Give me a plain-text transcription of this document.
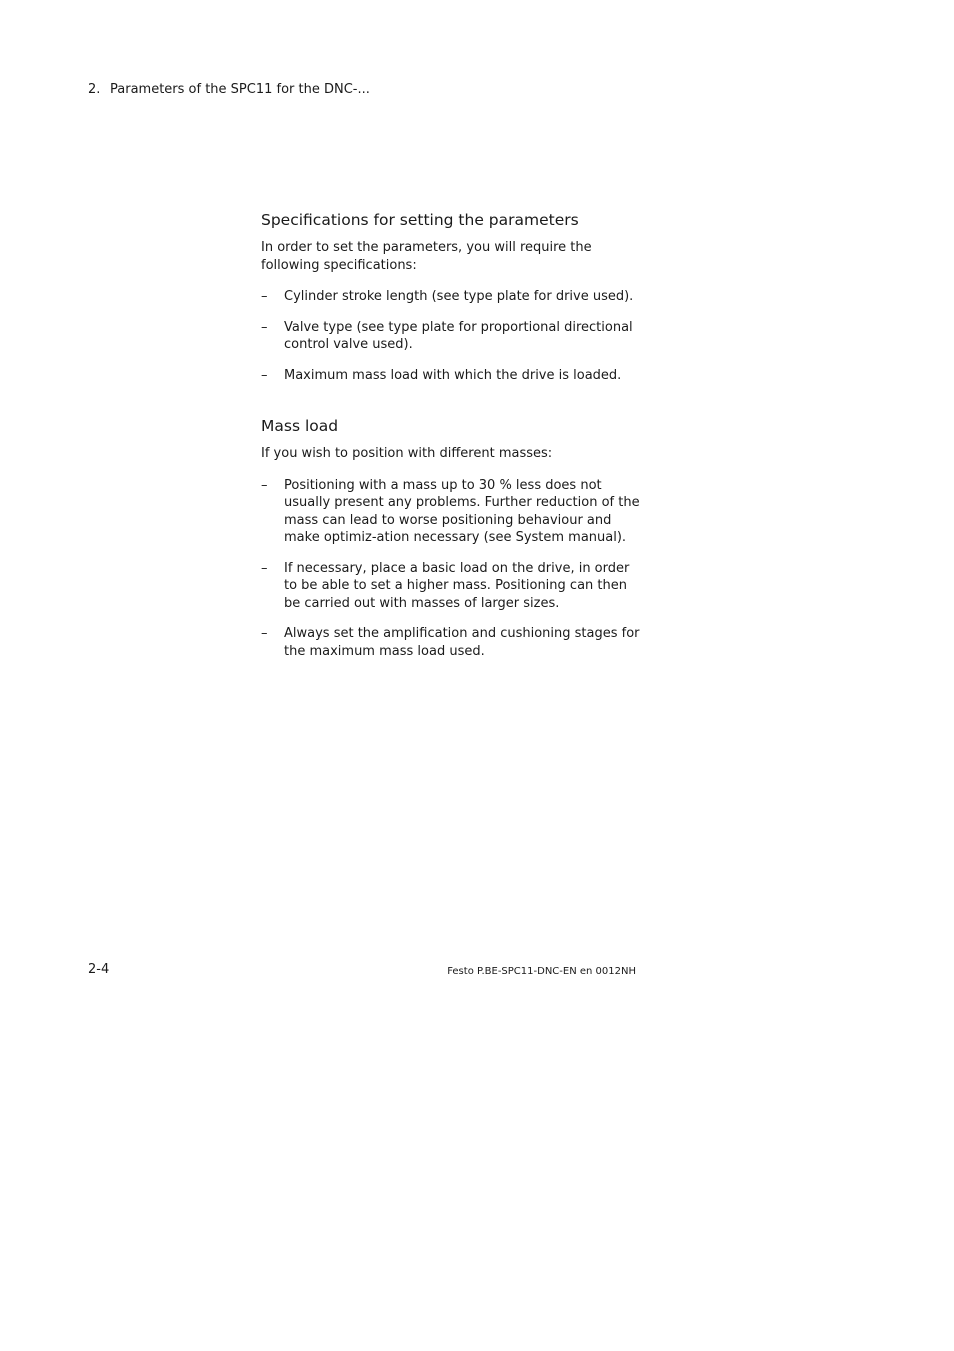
2. Parameters of the SPC11 for the DNC-...
Specifications for setting the parameters

In order to set the parameters, you will require the following specifications:

– Cylinder stroke length (see type plate for drive used).
– Valve type (see type plate for proportional directional control valve used).
– Maximum mass load with which the drive is loaded.
Mass load

If you wish to position with different masses:

– Positioning with a mass up to 30 % less does not usually present any problems. Further reduction of the mass can lead to worse positioning behaviour and make optimiz-ation necessary (see System manual).
– If necessary, place a basic load on the drive, in order to be able to set a higher mass. Positioning can then be carried out with masses of larger sizes.
– Always set the amplification and cushioning stages for the maximum mass load used.
2-4	Festo P.BE-SPC11-DNC-EN en 0012NH
